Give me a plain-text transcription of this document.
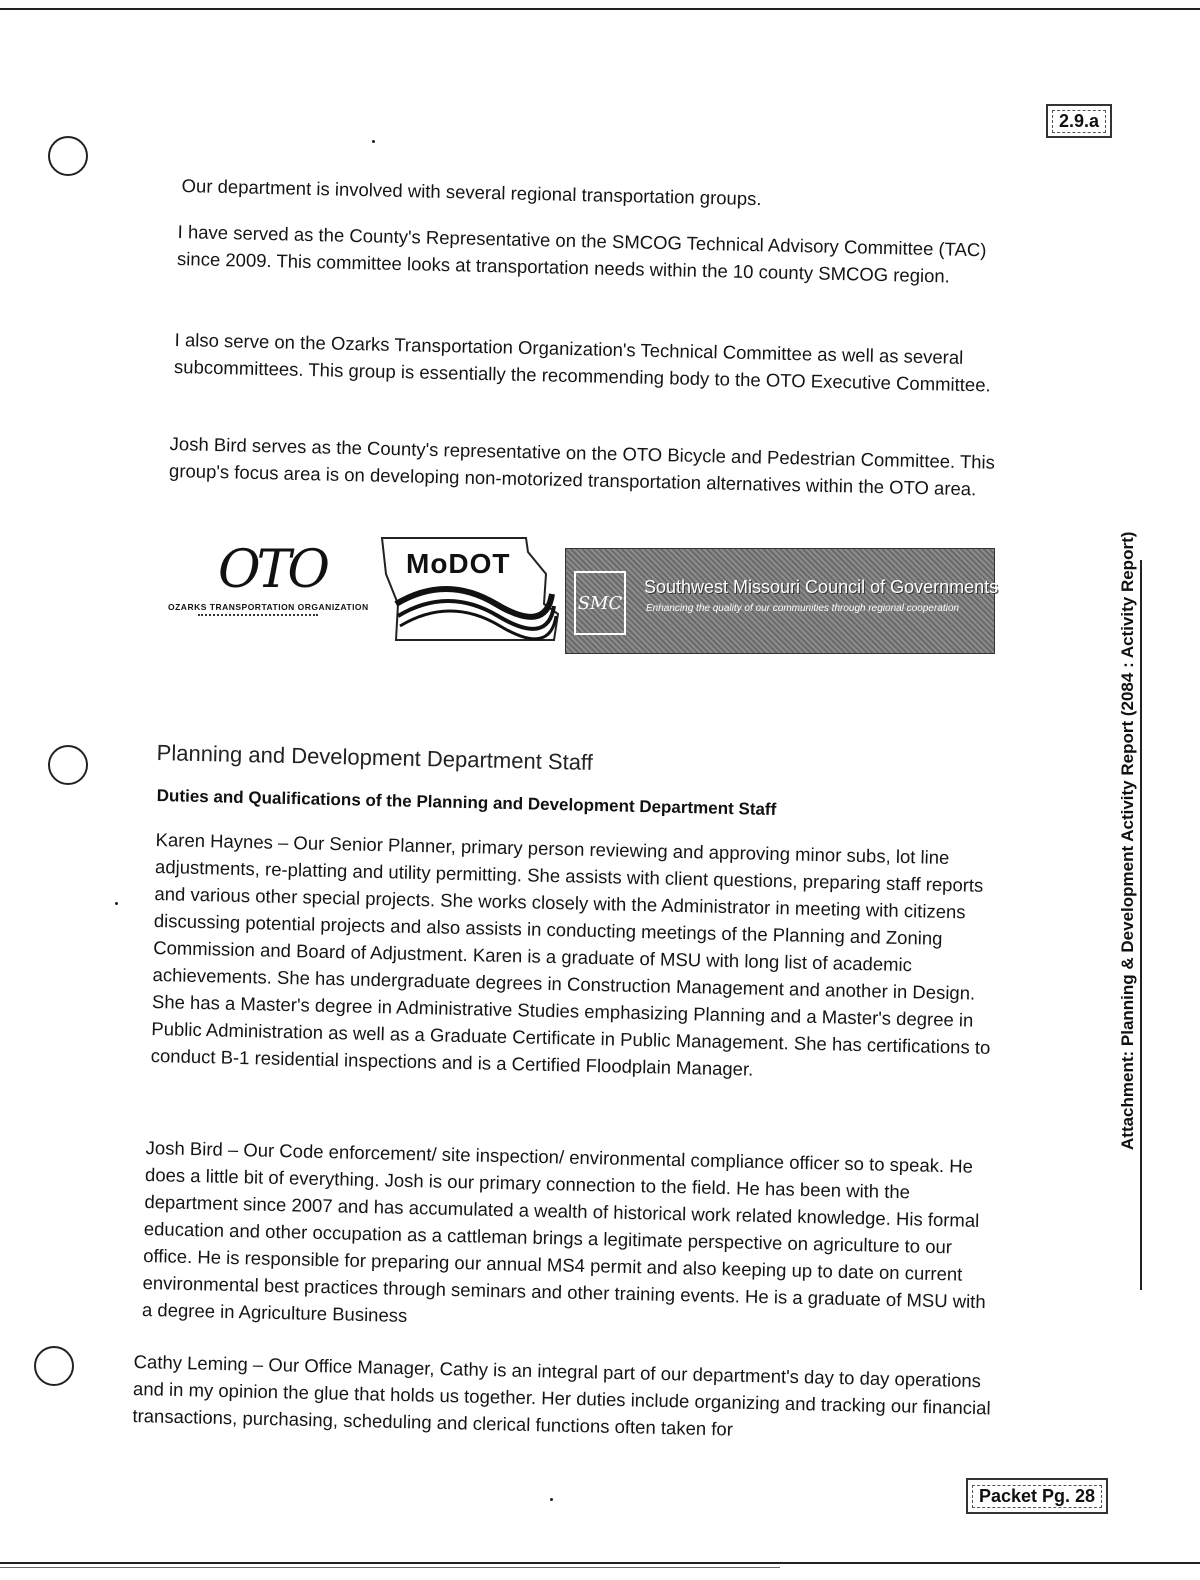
2.9.a
Attachment: Planning & Development Activity Report (2084 : Activity Report)

Our department is involved with several regional transportation groups.

I have served as the County's Representative on the SMCOG Technical Advisory Committee (TAC) since 2009. This committee looks at transportation needs within the 10 county SMCOG region.

I also serve on the Ozarks Transportation Organization's Technical Committee as well as several subcommittees. This group is essentially the recommending body to the OTO Executive Committee.

Josh Bird serves as the County's representative on the OTO Bicycle and Pedestrian Committee. This group's focus area is on developing non-motorized transportation alternatives within the OTO area.

OTO
OZARKS TRANSPORTATION ORGANIZATION
MoDOT
SMC
Southwest Missouri Council of Governments
Enhancing the quality of our communities through regional cooperation
Planning and Development Department Staff
Duties and Qualifications of the Planning and Development Department Staff

Karen Haynes – Our Senior Planner, primary person reviewing and approving minor subs, lot line adjustments, re-platting and utility permitting. She assists with client questions, preparing staff reports and various other special projects. She works closely with the Administrator in meeting with citizens discussing potential projects and also assists in conducting meetings of the Planning and Zoning Commission and Board of Adjustment. Karen is a graduate of MSU with long list of academic achievements. She has undergraduate degrees in Construction Management and another in Design. She has a Master's degree in Administrative Studies emphasizing Planning and a Master's degree in Public Administration as well as a Graduate Certificate in Public Management. She has certifications to conduct B-1 residential inspections and is a Certified Floodplain Manager.

Josh Bird – Our Code enforcement/ site inspection/ environmental compliance officer so to speak. He does a little bit of everything. Josh is our primary connection to the field. He has been with the department since 2007 and has accumulated a wealth of historical work related knowledge. His formal education and other occupation as a cattleman brings a legitimate perspective on agriculture to our office. He is responsible for preparing our annual MS4 permit and also keeping up to date on current environmental best practices through seminars and other training events. He is a graduate of MSU with a degree in Agriculture Business

Cathy Leming – Our Office Manager, Cathy is an integral part of our department's day to day operations and in my opinion the glue that holds us together. Her duties include organizing and tracking our financial transactions, purchasing, scheduling and clerical functions often taken for

Packet Pg. 28
